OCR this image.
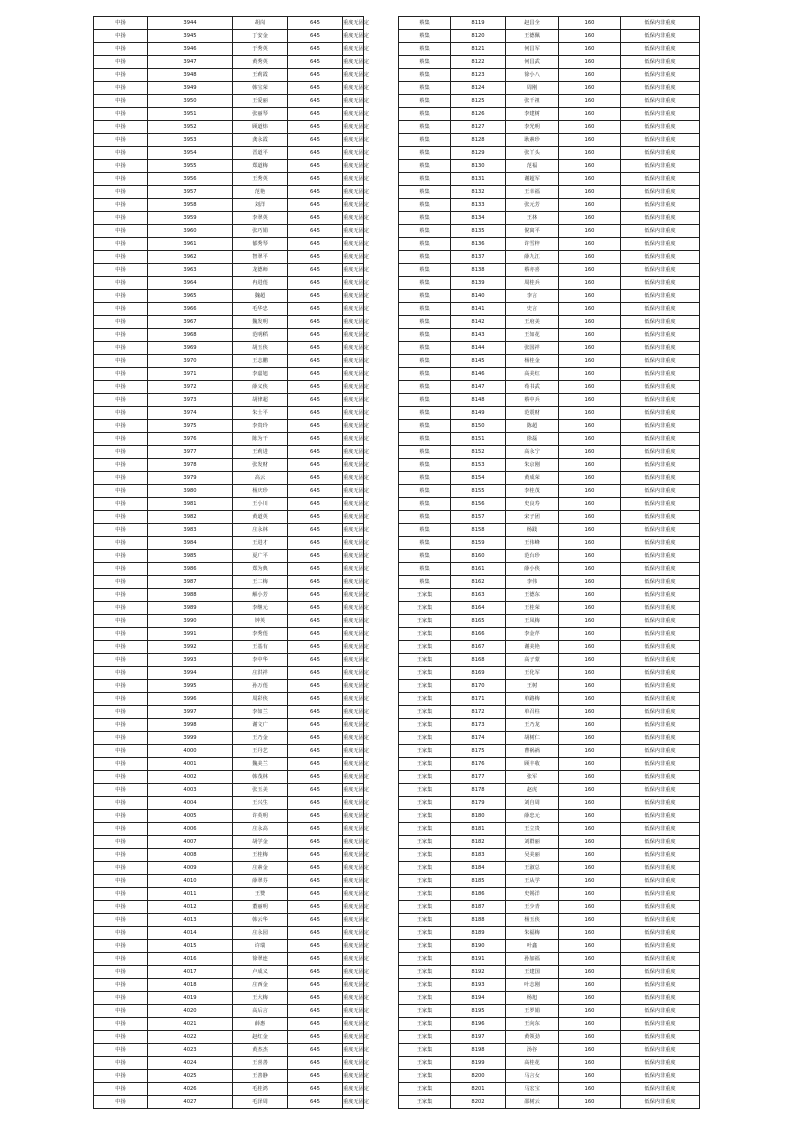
中扬	3944	胡岗	645	重度无固定
中扬	3945	丁安金	645	重度无固定
中扬	3946	于秀英	645	重度无固定
中扬	3947	黄秀英	645	重度无固定
中扬	3948	王莉霞	645	重度无固定
中扬	3949	韩宝荣	645	重度无固定
中扬	3950	王爱丽	645	重度无固定
中扬	3951	张丽琴	645	重度无固定
中扬	3952	顾道炜	645	重度无固定
中扬	3953	龚永霞	645	重度无固定
中扬	3954	晋道平	645	重度无固定
中扬	3955	郑道梅	645	重度无固定
中扬	3956	王秀英	645	重度无固定
中扬	3957	范艳	645	重度无固定
中扬	3958	刘洋	645	重度无固定
中扬	3959	李翠英	645	重度无固定
中扬	3960	张巧娟	645	重度无固定
中扬	3961	郁秀琴	645	重度无固定
中扬	3962	智翠平	645	重度无固定
中扬	3963	龙德师	645	重度无固定
中扬	3964	冉进莲	645	重度无固定
中扬	3965	魏超	645	重度无固定
中扬	3966	毛华忠	645	重度无固定
中扬	3967	魏发明	645	重度无固定
中扬	3968	范明稻	645	重度无固定
中扬	3969	胡玉侠	645	重度无固定
中扬	3970	王志鹏	645	重度无固定
中扬	3971	李嘉旭	645	重度无固定
中扬	3972	薛义侠	645	重度无固定
中扬	3973	胡律超	645	重度无固定
中扬	3974	朱士平	645	重度无固定
中扬	3975	李贵玲	645	重度无固定
中扬	3976	陈为干	645	重度无固定
中扬	3977	王莉进	645	重度无固定
中扬	3978	张发财	645	重度无固定
中扬	3979	高云	645	重度无固定
中扬	3980	杨庆珍	645	重度无固定
中扬	3981	王小川	645	重度无固定
中扬	3982	黄道英	645	重度无固定
中扬	3983	庄永林	645	重度无固定
中扬	3984	王进才	645	重度无固定
中扬	3985	夏广平	645	重度无固定
中扬	3986	郑为典	645	重度无固定
中扬	3987	王二梅	645	重度无固定
中扬	3988	解小芳	645	重度无固定
中扬	3989	李继元	645	重度无固定
中扬	3990	钟英	645	重度无固定
中扬	3991	李秀莲	645	重度无固定
中扬	3992	王基有	645	重度无固定
中扬	3993	李中华	645	重度无固定
中扬	3994	庄洪祥	645	重度无固定
中扬	3995	孙万莲	645	重度无固定
中扬	3996	周彩侠	645	重度无固定
中扬	3997	李如兰	645	重度无固定
中扬	3998	谢文广	645	重度无固定
中扬	3999	王乃金	645	重度无固定
中扬	4000	王丹艺	645	重度无固定
中扬	4001	魏美兰	645	重度无固定
中扬	4002	韩茂林	645	重度无固定
中扬	4003	张玉美	645	重度无固定
中扬	4004	王兴生	645	重度无固定
中扬	4005	许英明	645	重度无固定
中扬	4006	庄永高	645	重度无固定
中扬	4007	胡学金	645	重度无固定
中扬	4008	王桂梅	645	重度无固定
中扬	4009	庄素金	645	重度无固定
中扬	4010	薛翠芬	645	重度无固定
中扬	4011	王赞	645	重度无固定
中扬	4012	董丽明	645	重度无固定
中扬	4013	韩云华	645	重度无固定
中扬	4014	庄永园	645	重度无固定
中扬	4015	许瑞	645	重度无固定
中扬	4016	徐翠连	645	重度无固定
中扬	4017	卢成义	645	重度无固定
中扬	4018	庄西金	645	重度无固定
中扬	4019	王大梅	645	重度无固定
中扬	4020	高后言	645	重度无固定
中扬	4021	薛惠	645	重度无固定
中扬	4022	赵红金	645	重度无固定
中扬	4023	黄杰杰	645	重度无固定
中扬	4024	王喜善	645	重度无固定
中扬	4025	王善静	645	重度无固定
中扬	4026	毛桂鸿	645	重度无固定
中扬	4027	毛泽周	645	重度无固定
蔡集	8119	赵昌全	160	低保内非重度
蔡集	8120	王德佩	160	低保内非重度
蔡集	8121	何昌军	160	低保内非重度
蔡集	8122	何昌武	160	低保内非重度
蔡集	8123	徐小八	160	低保内非重度
蔡集	8124	周刚	160	低保内非重度
蔡集	8125	张千祖	160	低保内非重度
蔡集	8126	李建树	160	低保内非重度
蔡集	8127	李光明	160	低保内非重度
蔡集	8128	耿素珍	160	低保内非重度
蔡集	8129	张丫头	160	低保内非重度
蔡集	8130	范福	160	低保内非重度
蔡集	8131	谢超军	160	低保内非重度
蔡集	8132	王幸福	160	低保内非重度
蔡集	8133	张元芳	160	低保内非重度
蔡集	8134	王林	160	低保内非重度
蔡集	8135	倪寓平	160	低保内非重度
蔡集	8136	许雪梓	160	低保内非重度
蔡集	8137	薛九江	160	低保内非重度
蔡集	8138	蔡亦喜	160	低保内非重度
蔡集	8139	周桂兵	160	低保内非重度
蔡集	8140	李言	160	低保内非重度
蔡集	8141	史言	160	低保内非重度
蔡集	8142	王府美	160	低保内非重度
蔡集	8143	王如花	160	低保内非重度
蔡集	8144	张国祥	160	低保内非重度
蔡集	8145	杨桂金	160	低保内非重度
蔡集	8146	高美红	160	低保内非重度
蔡集	8147	荀书武	160	低保内非重度
蔡集	8148	蔡中兵	160	低保内非重度
蔡集	8149	范震财	160	低保内非重度
蔡集	8150	陈超	160	低保内非重度
蔡集	8151	徐磊	160	低保内非重度
蔡集	8152	高永宁	160	低保内非重度
蔡集	8153	朱京刚	160	低保内非重度
蔡集	8154	黄成荣	160	低保内非重度
蔡集	8155	李桂茂	160	低保内非重度
蔡集	8156	史良寿	160	低保内非重度
蔡集	8157	宋子团	160	低保内非重度
蔡集	8158	杨践	160	低保内非重度
蔡集	8159	王伟峰	160	低保内非重度
蔡集	8160	范台珍	160	低保内非重度
蔡集	8161	薛小侠	160	低保内非重度
蔡集	8162	李伟	160	低保内非重度
王家集	8163	王德东	160	低保内非重度
王家集	8164	王桂荣	160	低保内非重度
王家集	8165	王凤梅	160	低保内非重度
王家集	8166	李金芹	160	低保内非重度
王家集	8167	谢美艳	160	低保内非重度
王家集	8168	高子蒙	160	低保内非重度
王家集	8169	王化军	160	低保内非重度
王家集	8170	王树	160	低保内非重度
王家集	8171	单路梅	160	低保内非重度
王家集	8172	单召柱	160	低保内非重度
王家集	8173	王乃龙	160	低保内非重度
王家集	8174	胡树仁	160	低保内非重度
王家集	8175	曹祸祸	160	低保内非重度
王家集	8176	顾丰收	160	低保内非重度
王家集	8177	张军	160	低保内非重度
王家集	8178	赵虎	160	低保内非重度
王家集	8179	刘自周	160	低保内非重度
王家集	8180	薛忠元	160	低保内非重度
王家集	8181	王立贵	160	低保内非重度
王家集	8182	刘群丽	160	低保内非重度
王家集	8183	吴美丽	160	低保内非重度
王家集	8184	王淑总	160	低保内非重度
王家集	8185	王从学	160	低保内非重度
王家集	8186	史锡洋	160	低保内非重度
王家集	8187	王少青	160	低保内非重度
王家集	8188	杨玉侠	160	低保内非重度
王家集	8189	朱福梅	160	低保内非重度
王家集	8190	叶鑫	160	低保内非重度
王家集	8191	孙加福	160	低保内非重度
王家集	8192	王建国	160	低保内非重度
王家集	8193	叶志刚	160	低保内非重度
王家集	8194	杨旭	160	低保内非重度
王家集	8195	王罗娟	160	低保内非重度
王家集	8196	王向东	160	低保内非重度
王家集	8197	黄领劲	160	低保内非重度
王家集	8198	汤谷	160	低保内非重度
王家集	8199	高桂花	160	低保内非重度
王家集	8200	马言女	160	低保内非重度
王家集	8201	马宏宝	160	低保内非重度
王家集	8202	邵树云	160	低保内非重度
